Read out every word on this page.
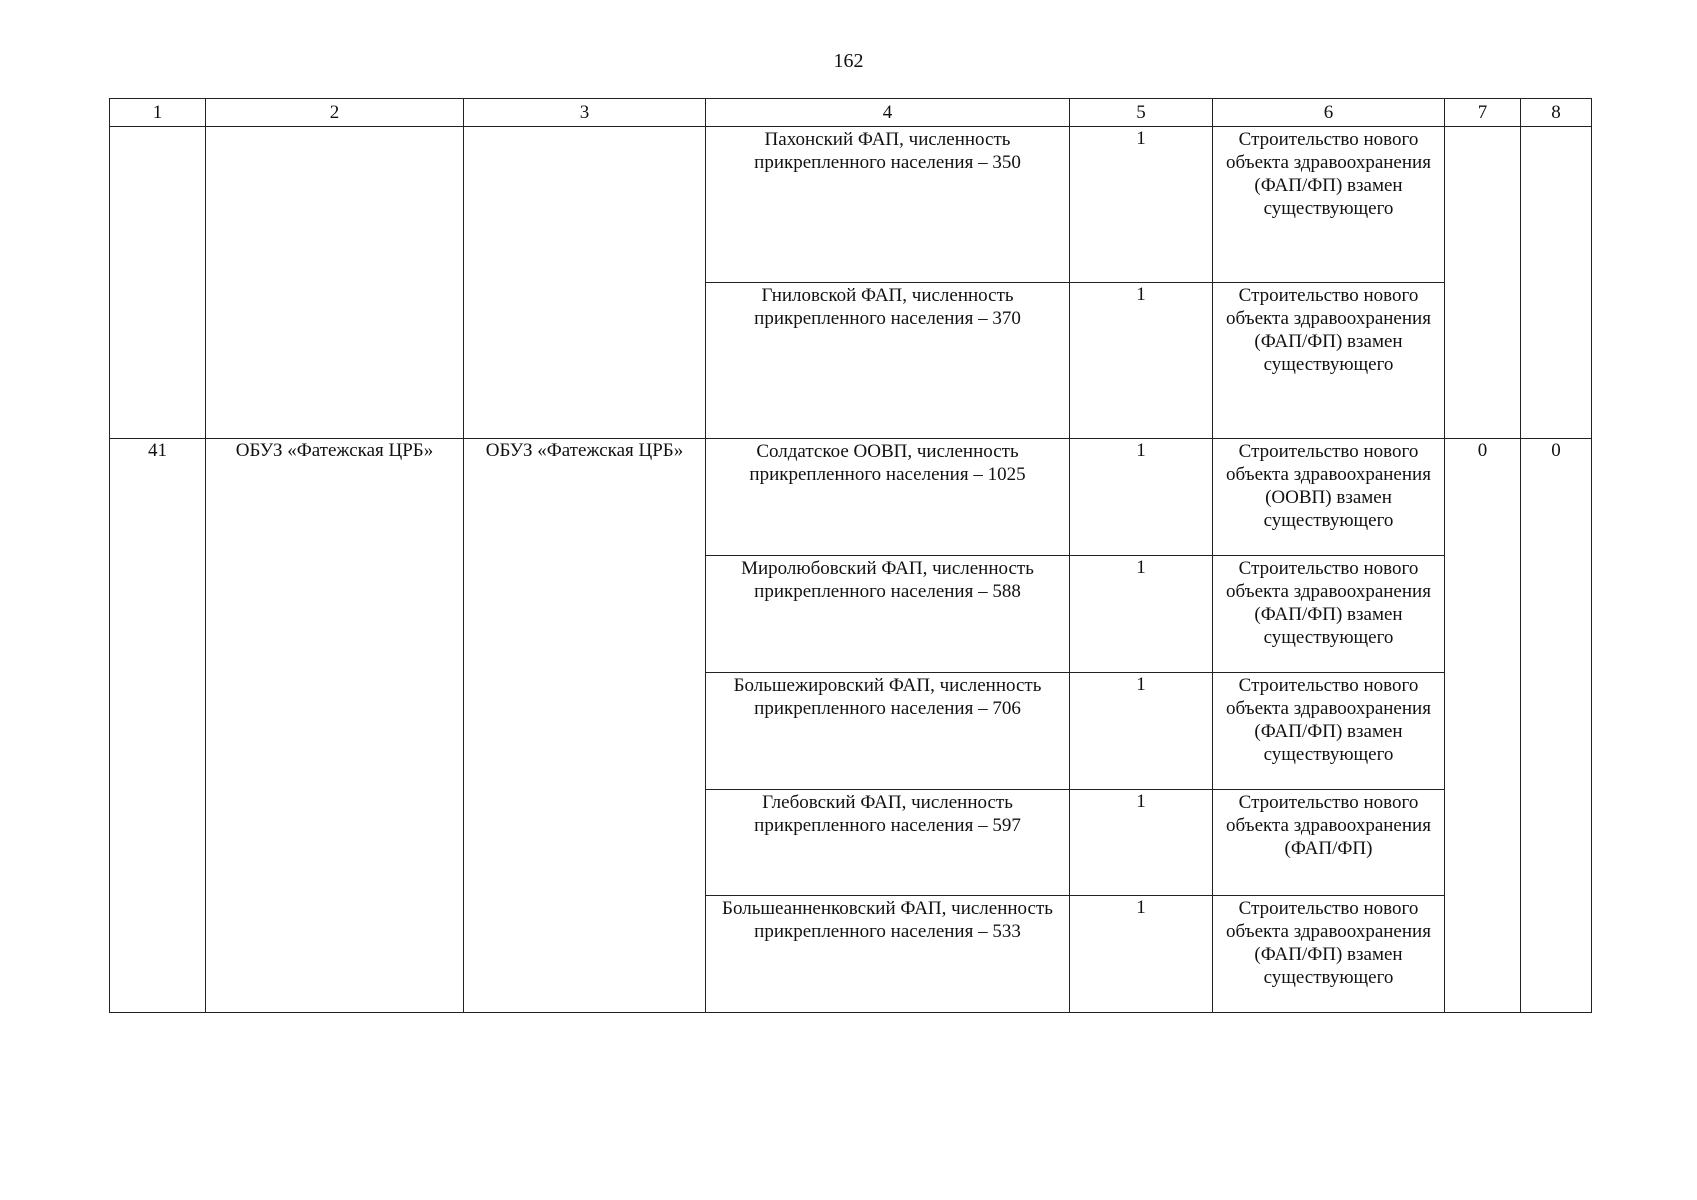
162
1	2	3	4	5	6	7	8

			Пахонский ФАП, численность прикрепленного населения – 350	1	Строительство нового объекта здравоохранения (ФАП/ФП) взамен существующего		

			Гниловской ФАП, численность прикрепленного населения – 370	1	Строительство нового объекта здравоохранения (ФАП/ФП) взамен существующего		

41	ОБУЗ «Фатежская ЦРБ»	ОБУЗ «Фатежская ЦРБ»	Солдатское ООВП, численность прикрепленного населения – 1025	1	Строительство нового объекта здравоохранения (ООВП) взамен существующего	0	0

			Миролюбовский ФАП, численность прикрепленного населения – 588	1	Строительство нового объекта здравоохранения (ФАП/ФП) взамен существующего		

			Большежировский ФАП, численность прикрепленного населения – 706	1	Строительство нового объекта здравоохранения (ФАП/ФП) взамен существующего		

			Глебовский ФАП, численность прикрепленного населения – 597	1	Строительство нового объекта здравоохранения (ФАП/ФП)		

			Большеанненковский ФАП, численность прикрепленного населения – 533	1	Строительство нового объекта здравоохранения (ФАП/ФП) взамен существующего		
